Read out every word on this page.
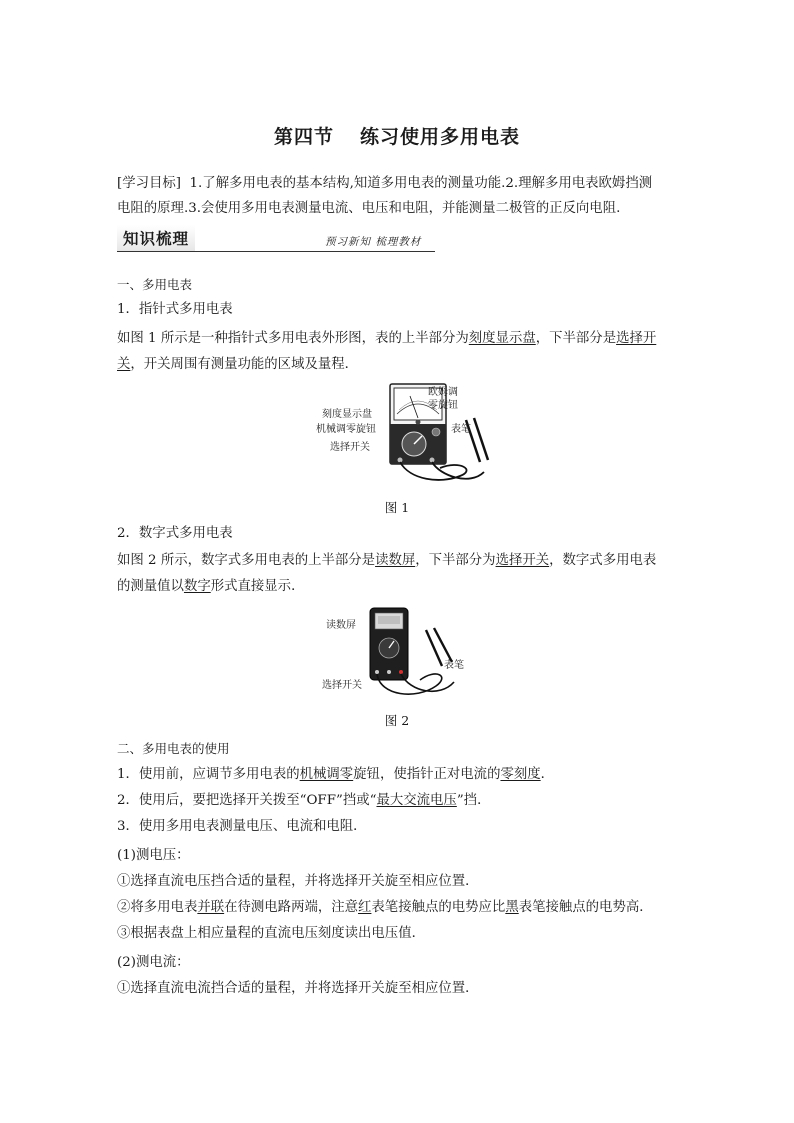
第四节 练习使用多用电表
[学习目标] 1.了解多用电表的基本结构,知道多用电表的测量功能.2.理解多用电表欧姆挡测
电阻的原理.3.会使用多用电表测量电流、电压和电阻，并能测量二极管的正反向电阻.
知识梳理	预习新知 梳理教材
一、多用电表
1．指针式多用电表
如图 1 所示是一种指针式多用电表外形图，表的上半部分为刻度显示盘，下半部分是选择开
关，开关周围有测量功能的区域及量程．
刻度显示盘
机械调零旋钮
选择开关
欧姆调
零旋钮
表笔
图 1
2．数字式多用电表
如图 2 所示，数字式多用电表的上半部分是读数屏，下半部分为选择开关，数字式多用电表
的测量值以数字形式直接显示．
读数屏
表笔
选择开关
图 2
二、多用电表的使用
1．使用前，应调节多用电表的机械调零旋钮，使指针正对电流的零刻度．
2．使用后，要把选择开关拨至“OFF”挡或“最大交流电压”挡．
3．使用多用电表测量电压、电流和电阻．
(1)测电压：
①选择直流电压挡合适的量程，并将选择开关旋至相应位置．
②将多用电表并联在待测电路两端，注意红表笔接触点的电势应比黑表笔接触点的电势高．
③根据表盘上相应量程的直流电压刻度读出电压值．
(2)测电流：
①选择直流电流挡合适的量程，并将选择开关旋至相应位置．
